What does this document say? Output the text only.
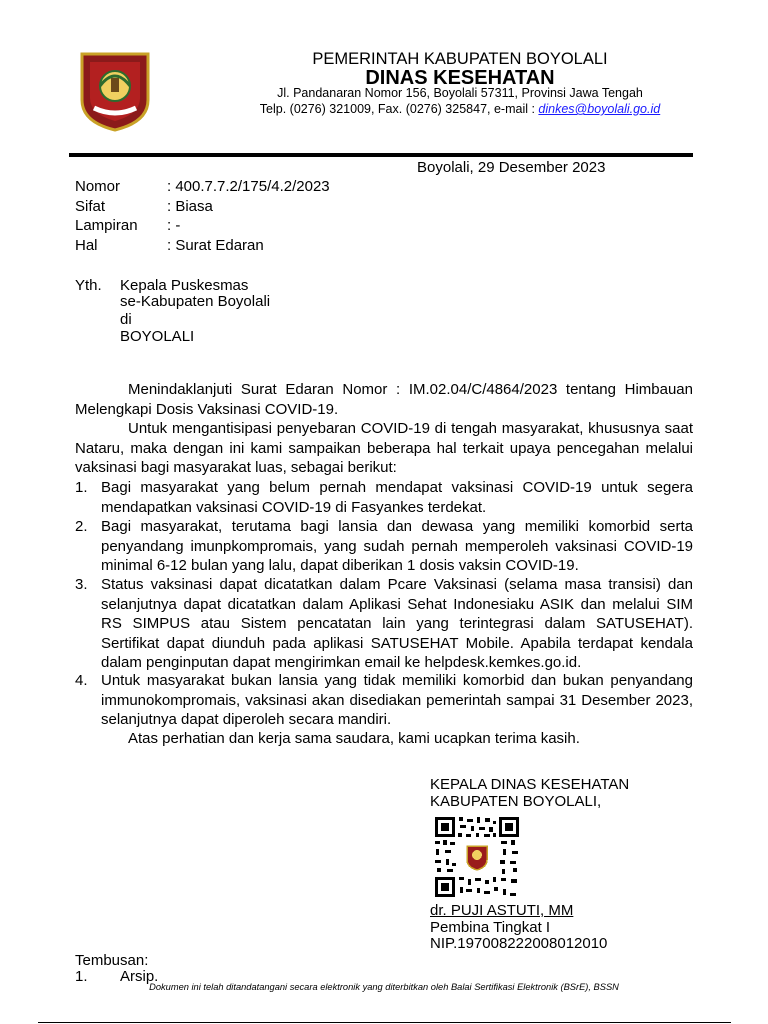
PEMERINTAH KABUPATEN BOYOLALI
DINAS KESEHATAN
Jl. Pandanaran Nomor 156, Boyolali 57311, Provinsi Jawa Tengah
Telp. (0276) 321009, Fax. (0276) 325847, e-mail : dinkes@boyolali.go.id
Boyolali, 29 Desember 2023
Nomor	: 400.7.7.2/175/4.2/2023
Sifat	: Biasa
Lampiran : -
Hal	: Surat Edaran
Yth. Kepala Puskesmas
se-Kabupaten Boyolali
di
BOYOLALI
Menindaklanjuti Surat Edaran Nomor : IM.02.04/C/4864/2023 tentang Himbauan Melengkapi Dosis Vaksinasi COVID-19.
Untuk mengantisipasi penyebaran COVID-19 di tengah masyarakat, khususnya saat Nataru, maka dengan ini kami sampaikan beberapa hal terkait upaya pencegahan melalui vaksinasi bagi masyarakat luas, sebagai berikut:
1. Bagi masyarakat yang belum pernah mendapat vaksinasi COVID-19 untuk segera mendapatkan vaksinasi COVID-19 di Fasyankes terdekat.
2. Bagi masyarakat, terutama bagi lansia dan dewasa yang memiliki komorbid serta penyandang imunpkompromais, yang sudah pernah memperoleh vaksinasi COVID-19 minimal 6-12 bulan yang lalu, dapat diberikan 1 dosis vaksin COVID-19.
3. Status vaksinasi dapat dicatatkan dalam Pcare Vaksinasi (selama masa transisi) dan selanjutnya dapat dicatatkan dalam Aplikasi Sehat Indonesiaku ASIK dan melalui SIM RS SIMPUS atau Sistem pencatatan lain yang terintegrasi dalam SATUSEHAT). Sertifikat dapat diunduh pada aplikasi SATUSEHAT Mobile. Apabila terdapat kendala dalam penginputan dapat mengirimkan email ke helpdesk.kemkes.go.id.
4. Untuk masyarakat bukan lansia yang tidak memiliki komorbid dan bukan penyandang immunokompromais, vaksinasi akan disediakan pemerintah sampai 31 Desember 2023, selanjutnya dapat diperoleh secara mandiri.
Atas perhatian dan kerja sama saudara, kami ucapkan terima kasih.
KEPALA DINAS KESEHATAN
KABUPATEN BOYOLALI,
dr. PUJI ASTUTI, MM
Pembina Tingkat I
NIP.197008222008012010
Tembusan:
1. Arsip.
Dokumen ini telah ditandatangani secara elektronik yang diterbitkan oleh Balai Sertifikasi Elektronik (BSrE), BSSN
